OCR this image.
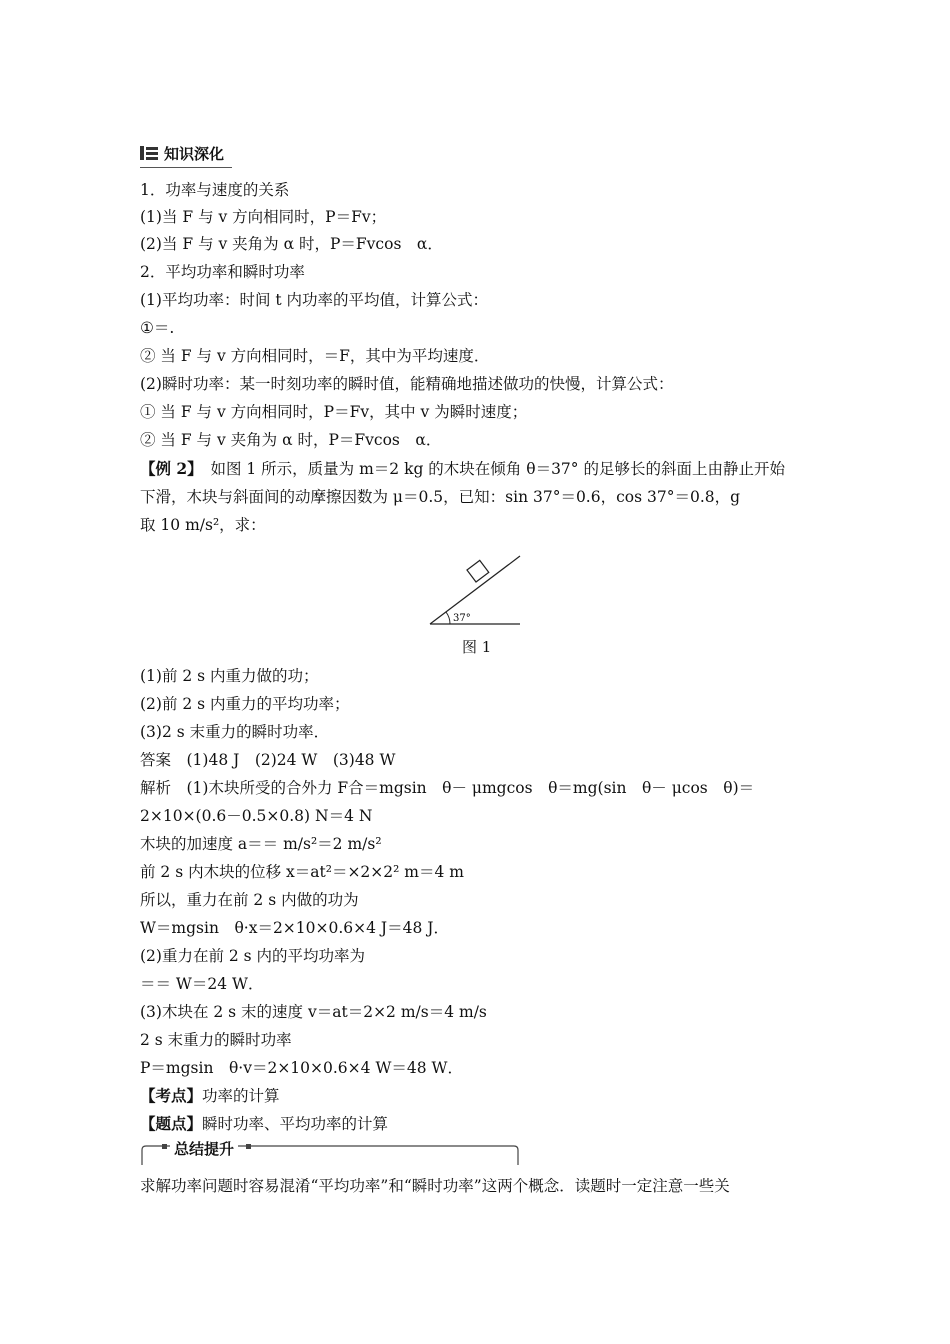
知识深化
1．功率与速度的关系
(1)当 F 与 v 方向相同时，P＝Fv；
(2)当 F 与 v 夹角为 α 时，P＝Fvcos　α．
2．平均功率和瞬时功率
(1)平均功率：时间 t 内功率的平均值，计算公式：
①＝.
② 当 F 与 v 方向相同时，＝F，其中为平均速度．
(2)瞬时功率：某一时刻功率的瞬时值，能精确地描述做功的快慢，计算公式：
① 当 F 与 v 方向相同时，P＝Fv，其中 v 为瞬时速度；
② 当 F 与 v 夹角为 α 时，P＝Fvcos　α．
【例 2】　如图 1 所示，质量为 m＝2 kg 的木块在倾角 θ＝37° 的足够长的斜面上由静止开始
下滑，木块与斜面间的动摩擦因数为 μ＝0.5，已知：sin 37°＝0.6，cos 37°＝0.8，g
取 10 m/s²，求：
37°
图 1
(1)前 2 s 内重力做的功；
(2)前 2 s 内重力的平均功率；
(3)2 s 末重力的瞬时功率．
答案　(1)48 J　(2)24 W　(3)48 W
解析　(1)木块所受的合外力 F合＝mgsin　θ－ μmgcos　θ＝mg(sin　θ－ μcos　θ)＝
2×10×(0.6－0.5×0.8) N＝4 N
木块的加速度 a＝＝ m/s²＝2 m/s²
前 2 s 内木块的位移 x＝at²＝×2×2² m＝4 m
所以，重力在前 2 s 内做的功为
W＝mgsin　θ·x＝2×10×0.6×4 J＝48 J．
(2)重力在前 2 s 内的平均功率为
＝＝ W＝24 W．
(3)木块在 2 s 末的速度 v＝at＝2×2 m/s＝4 m/s
2 s 末重力的瞬时功率
P＝mgsin　θ·v＝2×10×0.6×4 W＝48 W．
【考点】功率的计算
【题点】瞬时功率、平均功率的计算
总结提升
求解功率问题时容易混淆“平均功率”和“瞬时功率”这两个概念．读题时一定注意一些关
